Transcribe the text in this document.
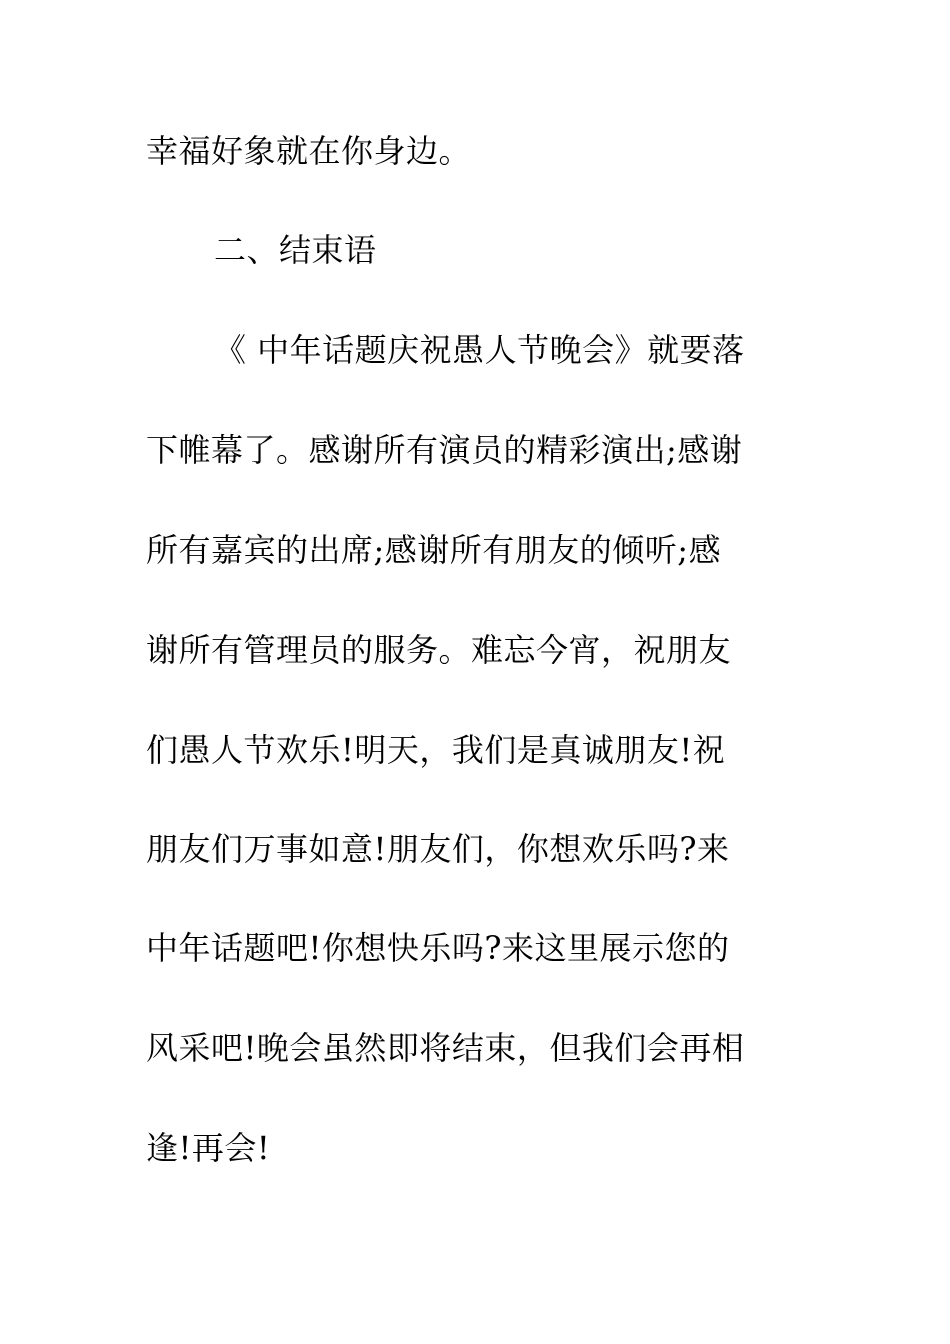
幸福好象就在你身边。
二、结束语
《 中年话题庆祝愚人节晚会》就要落
下帷幕了。感谢所有演员的精彩演出;感谢
所有嘉宾的出席;感谢所有朋友的倾听;感
谢所有管理员的服务。难忘今宵，祝朋友
们愚人节欢乐!明天，我们是真诚朋友!祝
朋友们万事如意!朋友们，你想欢乐吗?来
中年话题吧!你想快乐吗?来这里展示您的
风采吧!晚会虽然即将结束，但我们会再相
逢!再会!
